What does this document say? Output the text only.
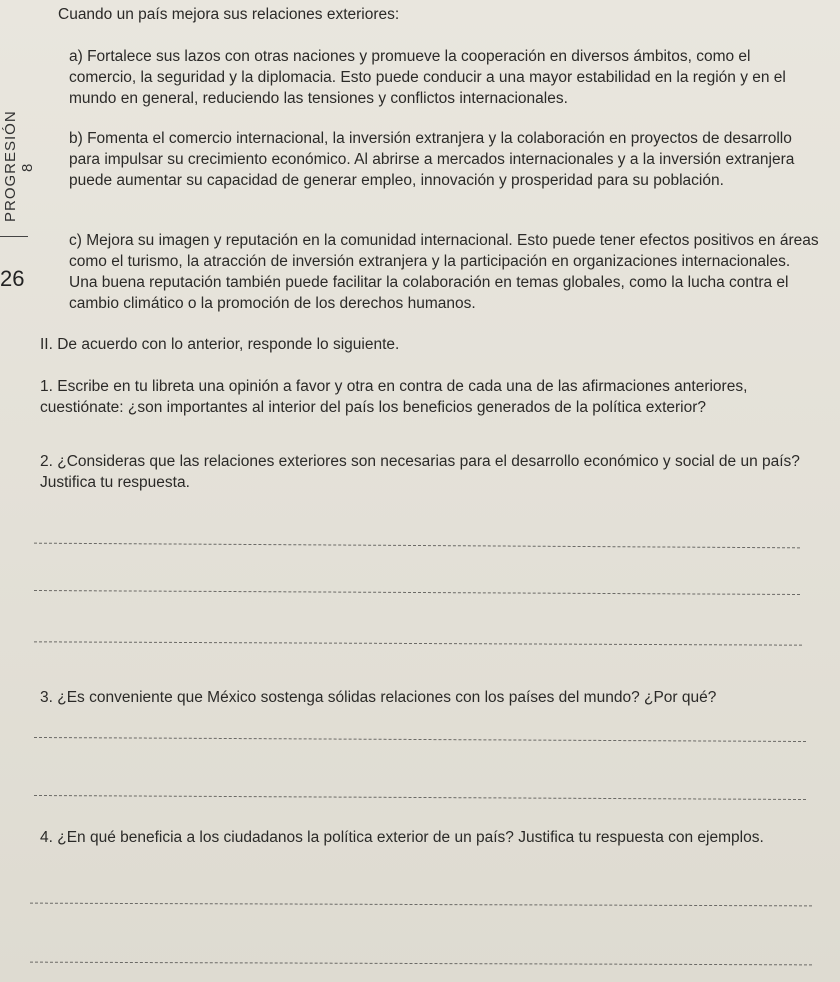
PROGRESIÓN 8
26

Cuando un país mejora sus relaciones exteriores:

a) Fortalece sus lazos con otras naciones y promueve la cooperación en diversos ámbitos, como el comercio, la seguridad y la diplomacia. Esto puede conducir a una mayor estabilidad en la región y en el mundo en general, reduciendo las tensiones y conflictos internacionales.

b) Fomenta el comercio internacional, la inversión extranjera y la colaboración en proyectos de desarrollo para impulsar su crecimiento económico. Al abrirse a mercados internacionales y a la inversión extranjera puede aumentar su capacidad de generar empleo, innovación y prosperidad para su población.

c) Mejora su imagen y reputación en la comunidad internacional. Esto puede tener efectos positivos en áreas como el turismo, la atracción de inversión extranjera y la participación en organizaciones internacionales. Una buena reputación también puede facilitar la colaboración en temas globales, como la lucha contra el cambio climático o la promoción de los derechos humanos.

II. De acuerdo con lo anterior, responde lo siguiente.

1. Escribe en tu libreta una opinión a favor y otra en contra de cada una de las afirmaciones anteriores, cuestiónate: ¿son importantes al interior del país los beneficios generados de la política exterior?

2. ¿Consideras que las relaciones exteriores son necesarias para el desarrollo económico y social de un país? Justifica tu respuesta.

3. ¿Es conveniente que México sostenga sólidas relaciones con los países del mundo? ¿Por qué?

4. ¿En qué beneficia a los ciudadanos la política exterior de un país? Justifica tu respuesta con ejemplos.
